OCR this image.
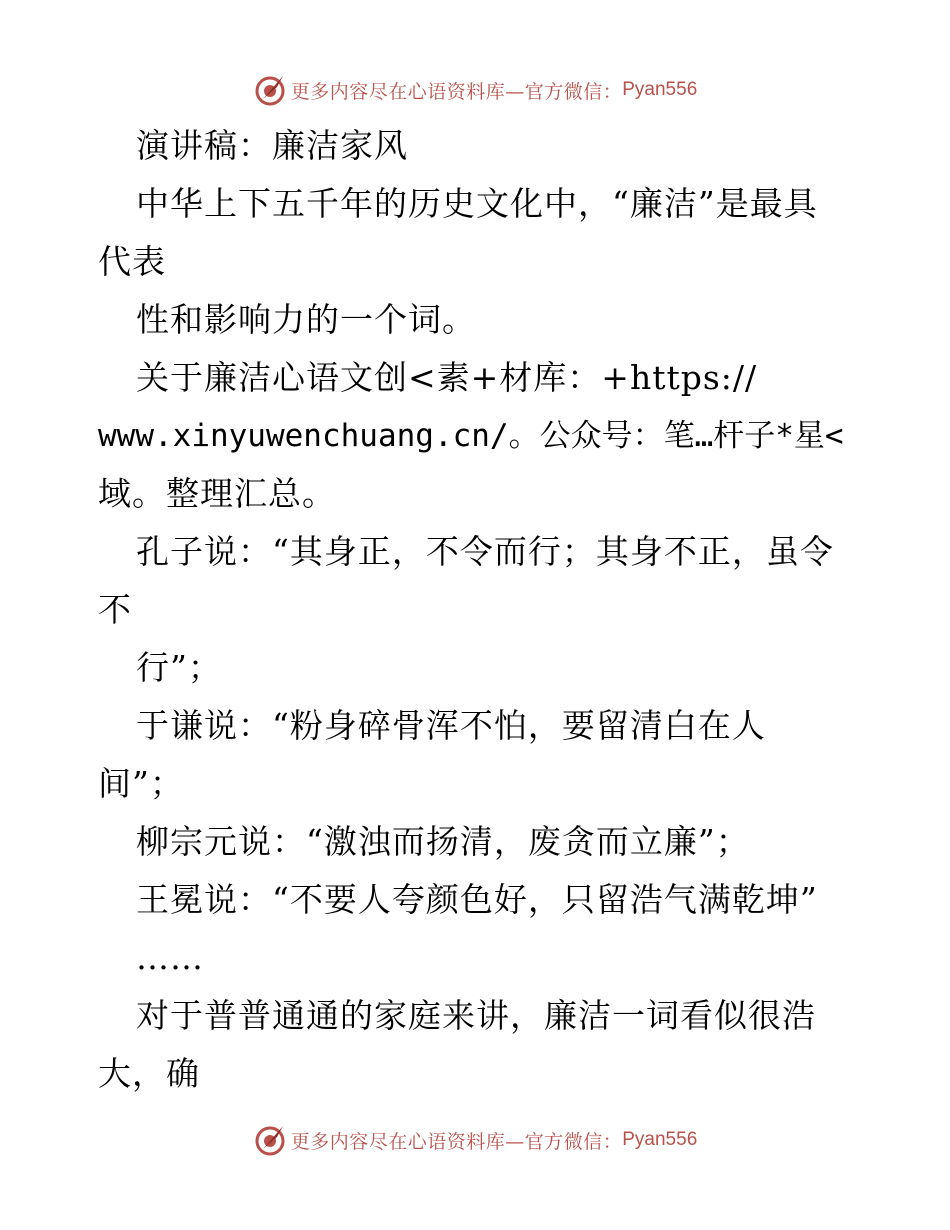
更多内容尽在心语资料库—官方微信： Pyan556
演讲稿：廉洁家风
中华上下五千年的历史文化中，“廉洁”是最具
代表
性和影响力的一个词。
关于廉洁心语文创<素+材库：+https://
www.xinyuwenchuang.cn/。公众号：笔…杆子*星<
域。整理汇总。
孔子说：“其身正，不令而行；其身不正，虽令
不
行”；
于谦说：“粉身碎骨浑不怕，要留清白在人
间”；
柳宗元说：“激浊而扬清，废贪而立廉”；
王冕说：“不要人夸颜色好，只留浩气满乾坤”
……
对于普普通通的家庭来讲，廉洁一词看似很浩
大，确
更多内容尽在心语资料库—官方微信： Pyan556
